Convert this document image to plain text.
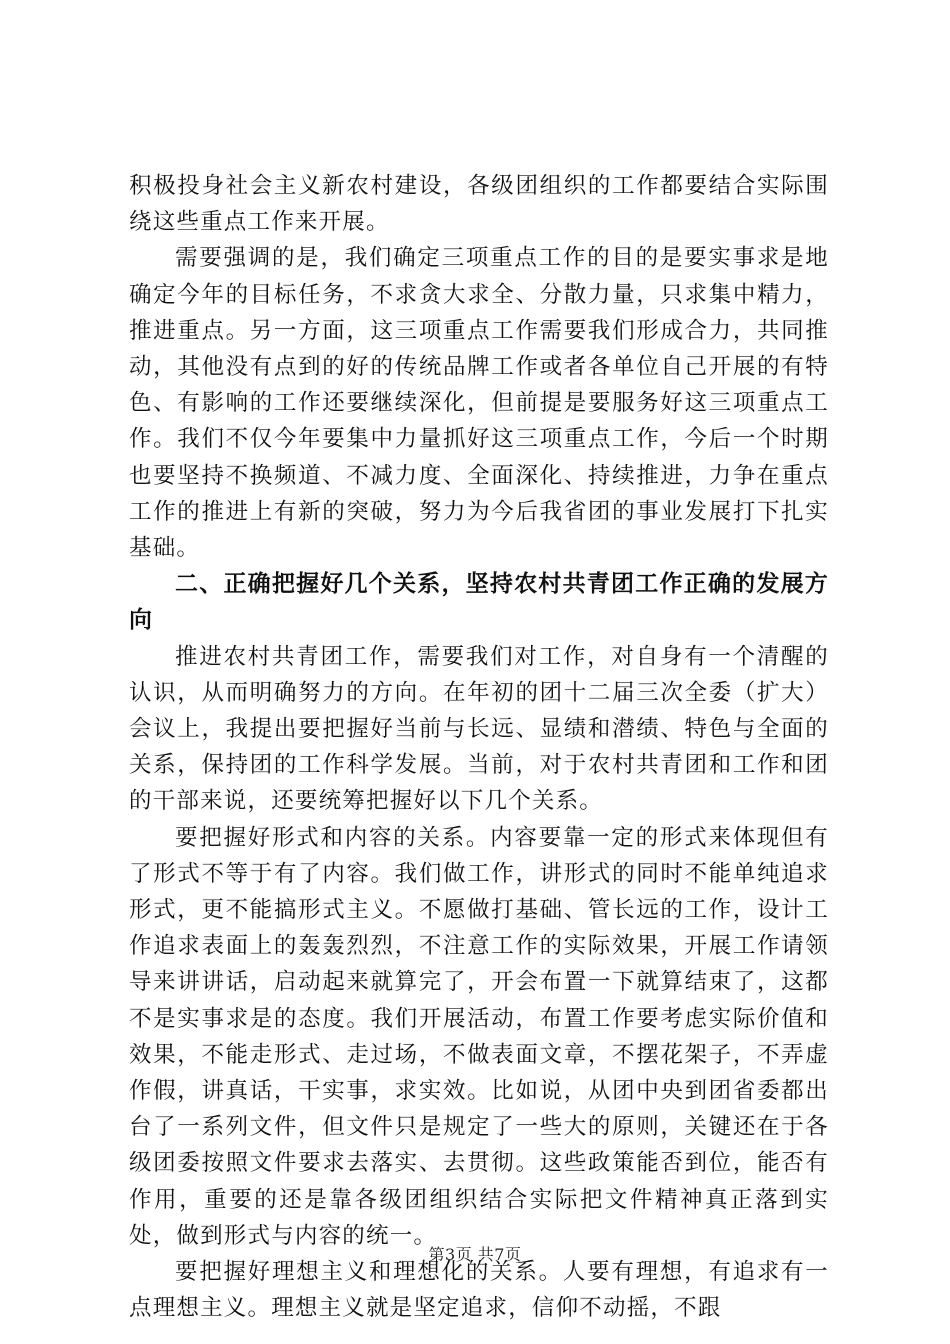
积极投身社会主义新农村建设，各级团组织的工作都要结合实际围绕这些重点工作来开展。

需要强调的是，我们确定三项重点工作的目的是要实事求是地确定今年的目标任务，不求贪大求全、分散力量，只求集中精力，推进重点。另一方面，这三项重点工作需要我们形成合力，共同推动，其他没有点到的好的传统品牌工作或者各单位自己开展的有特色、有影响的工作还要继续深化，但前提是要服务好这三项重点工作。我们不仅今年要集中力量抓好这三项重点工作，今后一个时期也要坚持不换频道、不减力度、全面深化、持续推进，力争在重点工作的推进上有新的突破，努力为今后我省团的事业发展打下扎实基础。

二、正确把握好几个关系，坚持农村共青团工作正确的发展方向

推进农村共青团工作，需要我们对工作，对自身有一个清醒的认识，从而明确努力的方向。在年初的团十二届三次全委（扩大）会议上，我提出要把握好当前与长远、显绩和潜绩、特色与全面的关系，保持团的工作科学发展。当前，对于农村共青团和工作和团的干部来说，还要统筹把握好以下几个关系。

要把握好形式和内容的关系。内容要靠一定的形式来体现但有了形式不等于有了内容。我们做工作，讲形式的同时不能单纯追求形式，更不能搞形式主义。不愿做打基础、管长远的工作，设计工作追求表面上的轰轰烈烈，不注意工作的实际效果，开展工作请领导来讲讲话，启动起来就算完了，开会布置一下就算结束了，这都不是实事求是的态度。我们开展活动，布置工作要考虑实际价值和效果，不能走形式、走过场，不做表面文章，不摆花架子，不弄虚作假，讲真话，干实事，求实效。比如说，从团中央到团省委都出台了一系列文件，但文件只是规定了一些大的原则，关键还在于各级团委按照文件要求去落实、去贯彻。这些政策能否到位，能否有作用，重要的还是靠各级团组织结合实际把文件精神真正落到实处，做到形式与内容的统一。

要把握好理想主义和理想化的关系。人要有理想，有追求有一点理想主义。理想主义就是坚定追求，信仰不动摇，不跟

第3页 共7页
